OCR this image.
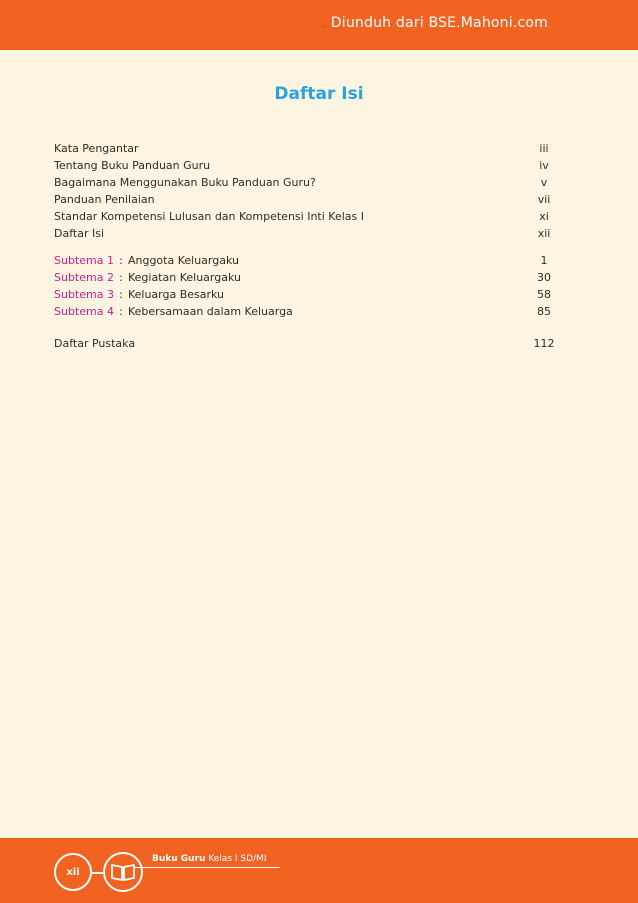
Diunduh dari BSE.Mahoni.com
Daftar Isi
Kata Pengantar	iii
Tentang Buku Panduan Guru	iv
Bagaimana Menggunakan Buku Panduan Guru?	v
Panduan Penilaian	vii
Standar Kompetensi Lulusan dan Kompetensi Inti Kelas I	xi
Daftar Isi	xii
Subtema 1 : Anggota Keluargaku	1
Subtema 2 : Kegiatan Keluargaku	30
Subtema 3 : Keluarga Besarku	58
Subtema 4 : Kebersamaan dalam Keluarga	85
Daftar Pustaka	112
xii
Buku Guru Kelas I SD/MI
